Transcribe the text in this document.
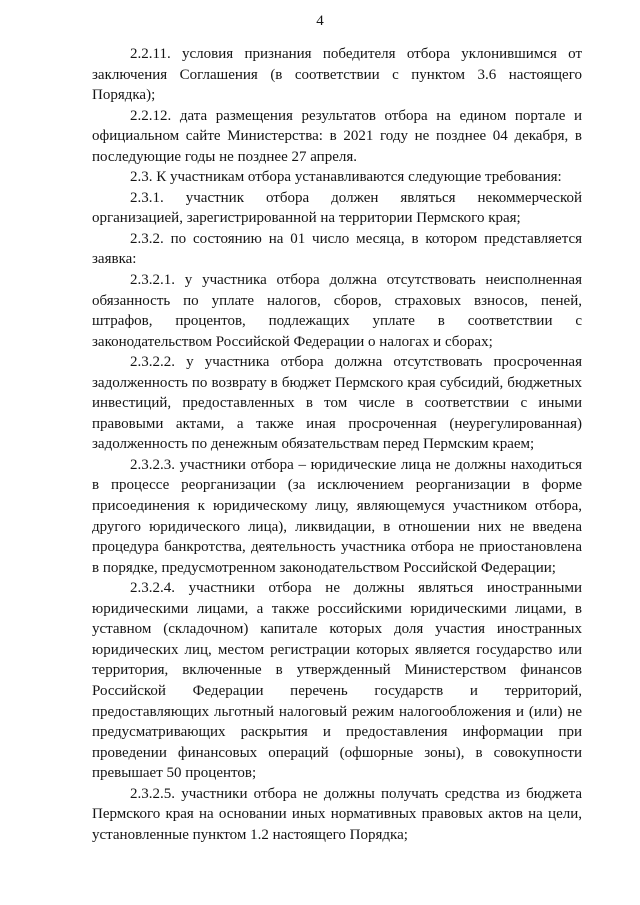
4

2.2.11. условия признания победителя отбора уклонившимся от заключения Соглашения (в соответствии с пунктом 3.6 настоящего Порядка);

2.2.12. дата размещения результатов отбора на едином портале и официальном сайте Министерства: в 2021 году не позднее 04 декабря, в последующие годы не позднее 27 апреля.

2.3. К участникам отбора устанавливаются следующие требования:

2.3.1. участник отбора должен являться некоммерческой организацией, зарегистрированной на территории Пермского края;

2.3.2. по состоянию на 01 число месяца, в котором представляется заявка:

2.3.2.1. у участника отбора должна отсутствовать неисполненная обязанность по уплате налогов, сборов, страховых взносов, пеней, штрафов, процентов, подлежащих уплате в соответствии с законодательством Российской Федерации о налогах и сборах;

2.3.2.2. у участника отбора должна отсутствовать просроченная задолженность по возврату в бюджет Пермского края субсидий, бюджетных инвестиций, предоставленных в том числе в соответствии с иными правовыми актами, а также иная просроченная (неурегулированная) задолженность по денежным обязательствам перед Пермским краем;

2.3.2.3. участники отбора – юридические лица не должны находиться в процессе реорганизации (за исключением реорганизации в форме присоединения к юридическому лицу, являющемуся участником отбора, другого юридического лица), ликвидации, в отношении них не введена процедура банкротства, деятельность участника отбора не приостановлена в порядке, предусмотренном законодательством Российской Федерации;

2.3.2.4. участники отбора не должны являться иностранными юридическими лицами, а также российскими юридическими лицами, в уставном (складочном) капитале которых доля участия иностранных юридических лиц, местом регистрации которых является государство или территория, включенные в утвержденный Министерством финансов Российской Федерации перечень государств и территорий, предоставляющих льготный налоговый режим налогообложения и (или) не предусматривающих раскрытия и предоставления информации при проведении финансовых операций (офшорные зоны), в совокупности превышает 50 процентов;

2.3.2.5. участники отбора не должны получать средства из бюджета Пермского края на основании иных нормативных правовых актов на цели, установленные пунктом 1.2 настоящего Порядка;
